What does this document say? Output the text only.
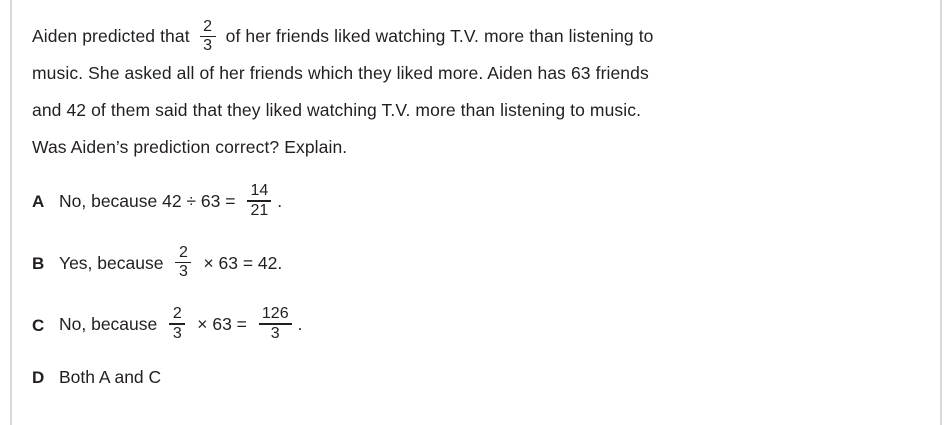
Aiden predicted that $\frac{2}{3}$ of her friends liked watching T.V. more than listening to
music. She asked all of her friends which they liked more. Aiden has 63 friends
and 42 of them said that they liked watching T.V. more than listening to music.
Was Aiden’s prediction correct? Explain.
A No, because $42 \div 63 = \frac{14}{21}$ .
B Yes, because $\frac{2}{3} \times 63 = 42$.
C No, because $\frac{2}{3} \times 63 = \frac{126}{3}$ .
D Both A and C
